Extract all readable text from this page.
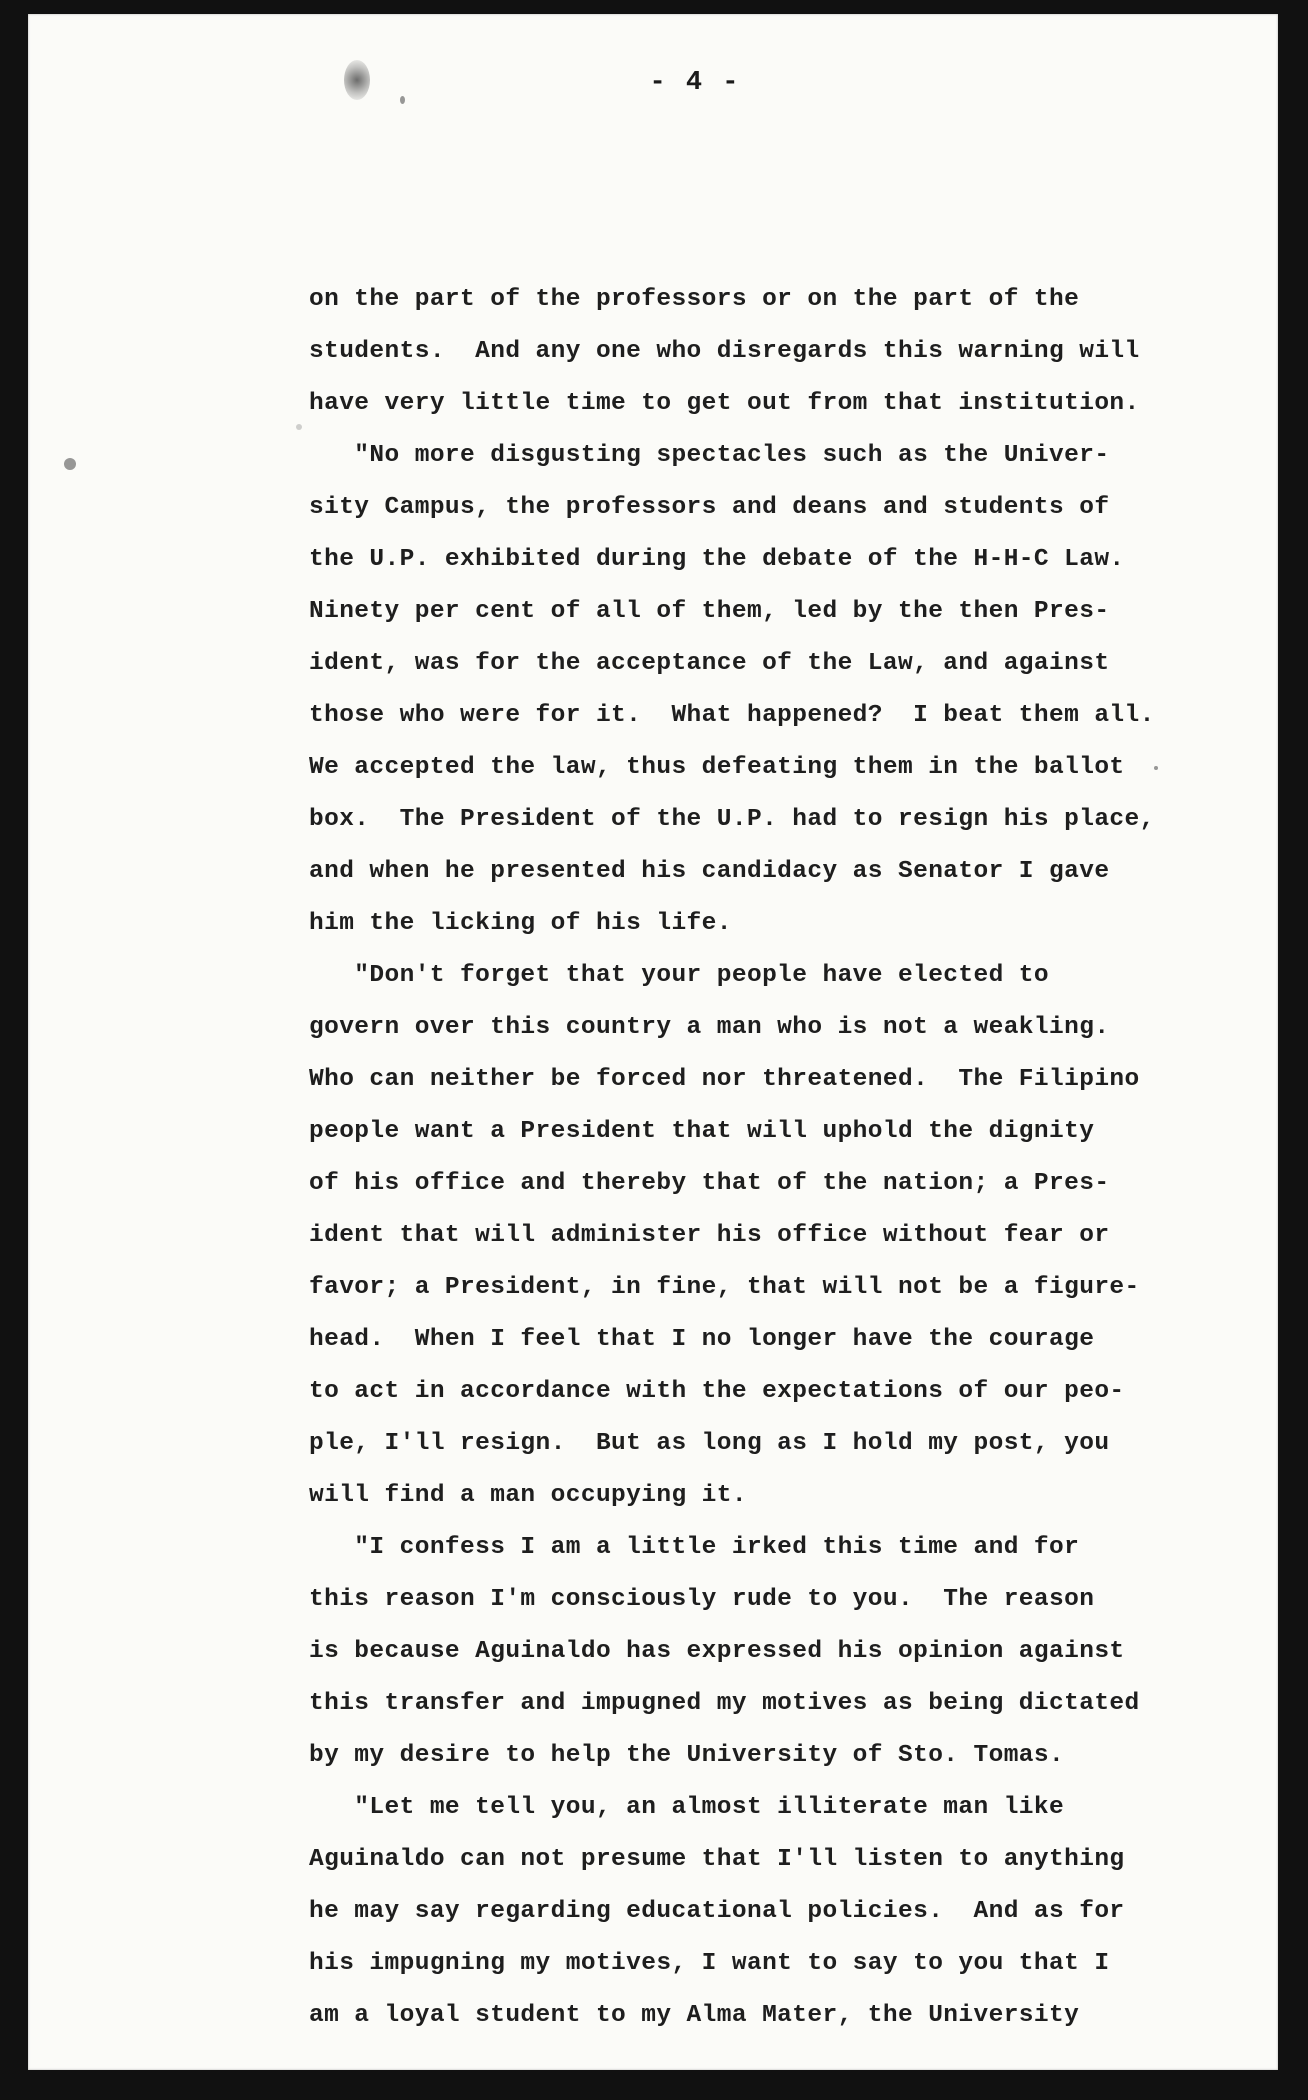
- 4 -
on the part of the professors or on the part of the
students.  And any one who disregards this warning will
have very little time to get out from that institution.
"No more disgusting spectacles such as the Univer-
sity Campus, the professors and deans and students of
the U.P. exhibited during the debate of the H-H-C Law.
Ninety per cent of all of them, led by the then Pres-
ident, was for the acceptance of the Law, and against
those who were for it.  What happened?  I beat them all.
We accepted the law, thus defeating them in the ballot
box.  The President of the U.P. had to resign his place,
and when he presented his candidacy as Senator I gave
him the licking of his life.
"Don't forget that your people have elected to
govern over this country a man who is not a weakling.
Who can neither be forced nor threatened.  The Filipino
people want a President that will uphold the dignity
of his office and thereby that of the nation; a Pres-
ident that will administer his office without fear or
favor; a President, in fine, that will not be a figure-
head.  When I feel that I no longer have the courage
to act in accordance with the expectations of our peo-
ple, I'll resign.  But as long as I hold my post, you
will find a man occupying it.
"I confess I am a little irked this time and for
this reason I'm consciously rude to you.  The reason
is because Aguinaldo has expressed his opinion against
this transfer and impugned my motives as being dictated
by my desire to help the University of Sto. Tomas.
"Let me tell you, an almost illiterate man like
Aguinaldo can not presume that I'll listen to anything
he may say regarding educational policies.  And as for
his impugning my motives, I want to say to you that I
am a loyal student to my Alma Mater, the University
